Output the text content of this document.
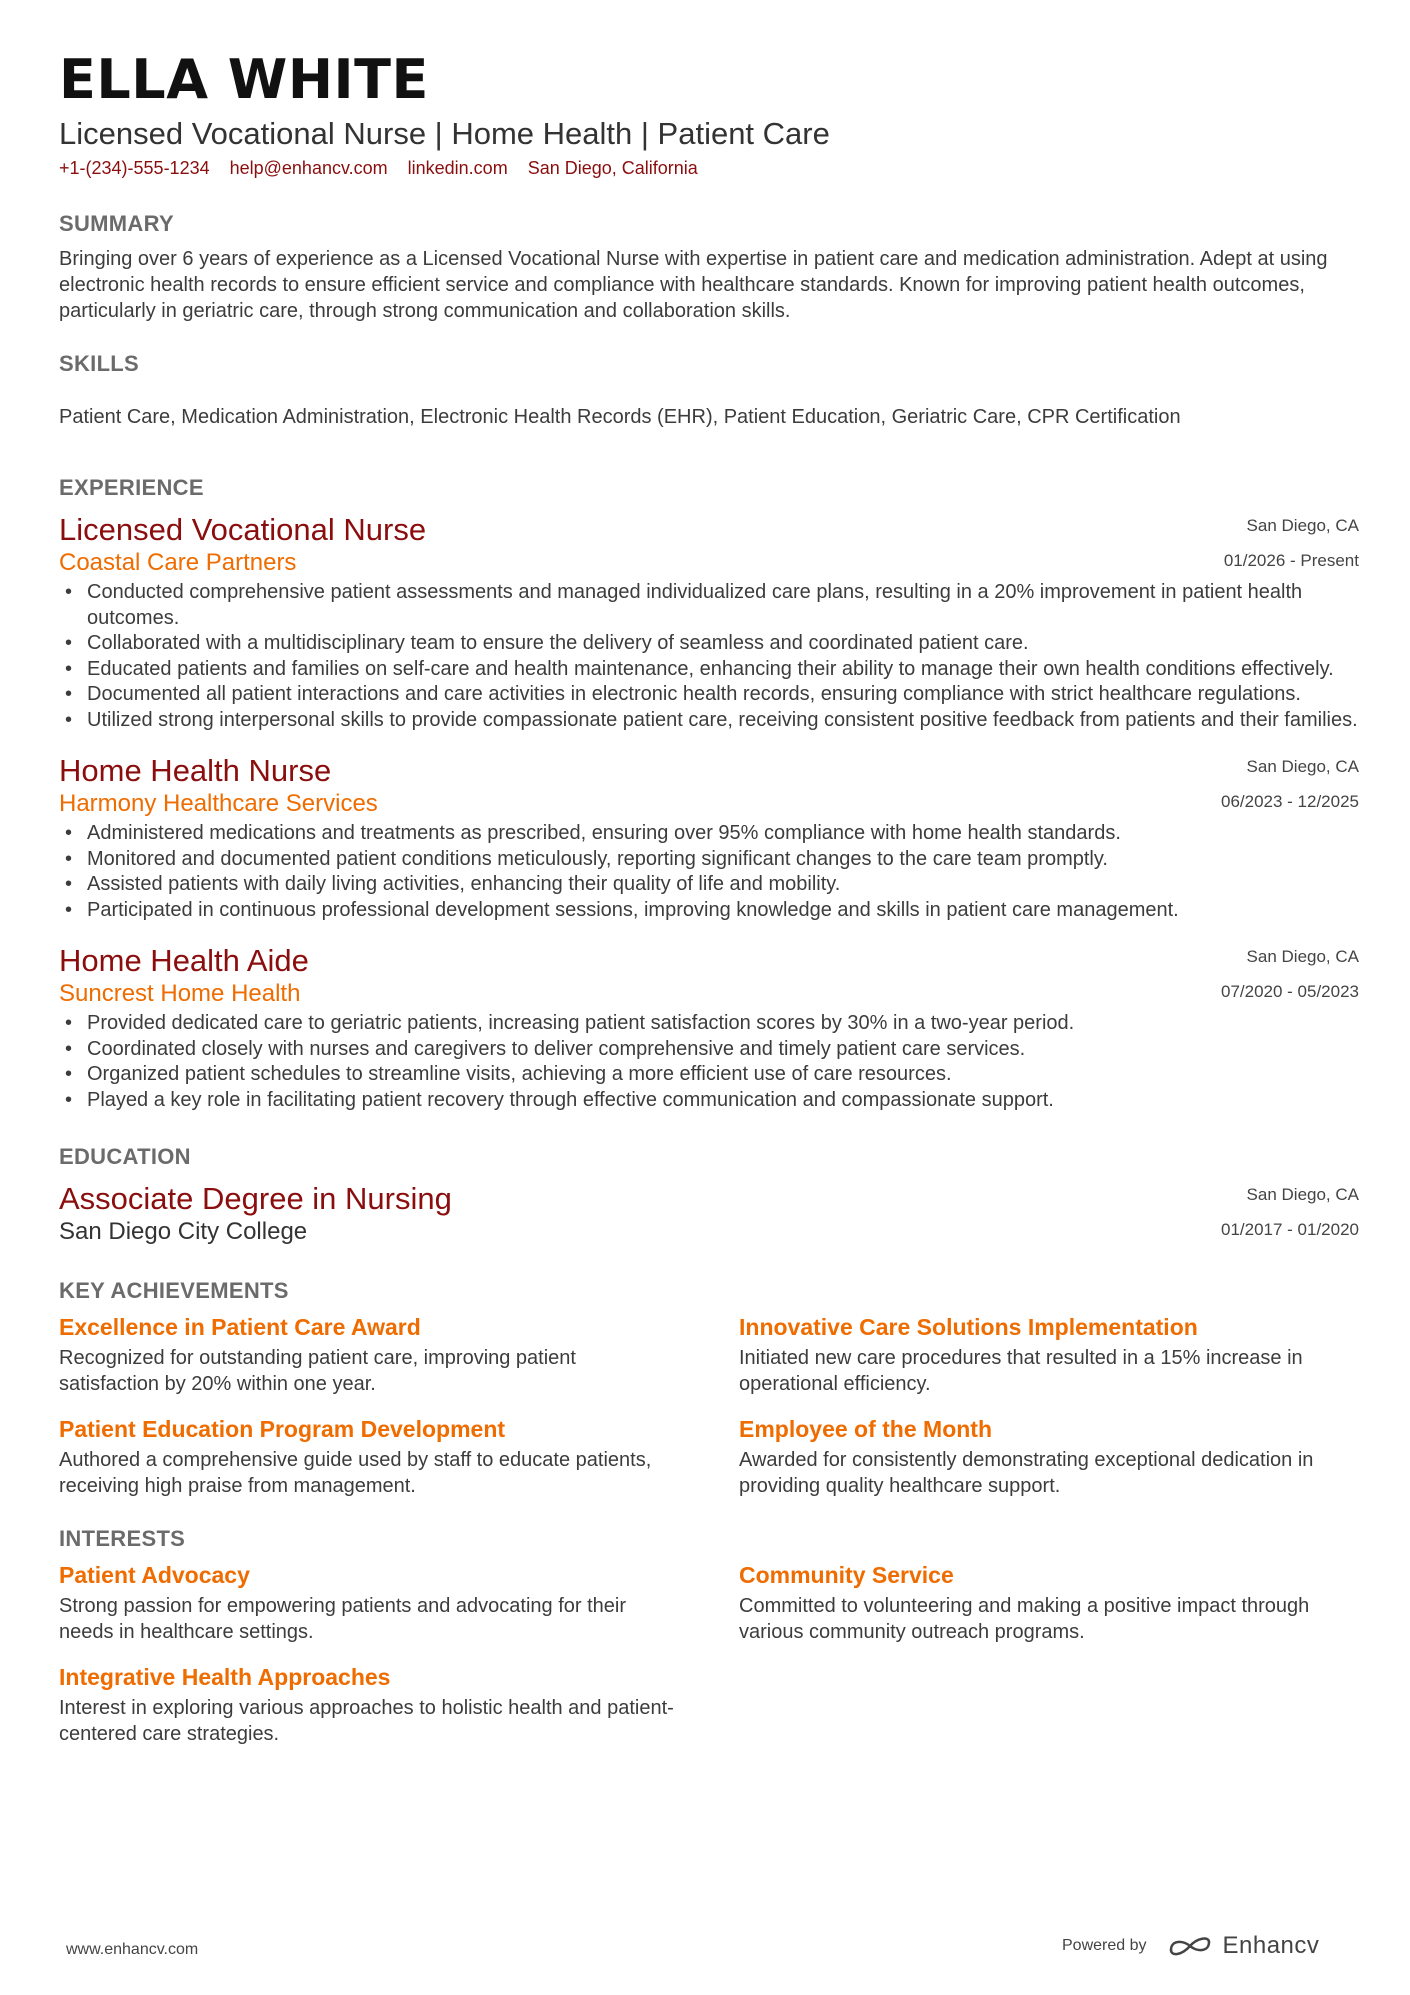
ELLA WHITE
Licensed Vocational Nurse | Home Health | Patient Care
+1-(234)-555-1234 help@enhancv.com linkedin.com San Diego, California
SUMMARY

Bringing over 6 years of experience as a Licensed Vocational Nurse with expertise in patient care and medication administration. Adept at using electronic health records to ensure efficient service and compliance with healthcare standards. Known for improving patient health outcomes, particularly in geriatric care, through strong communication and collaboration skills.

SKILLS

Patient Care, Medication Administration, Electronic Health Records (EHR), Patient Education, Geriatric Care, CPR Certification

EXPERIENCE
Licensed Vocational Nurse
Coastal Care Partners
San Diego, CA
01/2026 - Present
• Conducted comprehensive patient assessments and managed individualized care plans, resulting in a 20% improvement in patient health outcomes.
• Collaborated with a multidisciplinary team to ensure the delivery of seamless and coordinated patient care.
• Educated patients and families on self-care and health maintenance, enhancing their ability to manage their own health conditions effectively.
• Documented all patient interactions and care activities in electronic health records, ensuring compliance with strict healthcare regulations.
• Utilized strong interpersonal skills to provide compassionate patient care, receiving consistent positive feedback from patients and their families.
Home Health Nurse
Harmony Healthcare Services
San Diego, CA
06/2023 - 12/2025
• Administered medications and treatments as prescribed, ensuring over 95% compliance with home health standards.
• Monitored and documented patient conditions meticulously, reporting significant changes to the care team promptly.
• Assisted patients with daily living activities, enhancing their quality of life and mobility.
• Participated in continuous professional development sessions, improving knowledge and skills in patient care management.
Home Health Aide
Suncrest Home Health
San Diego, CA
07/2020 - 05/2023
• Provided dedicated care to geriatric patients, increasing patient satisfaction scores by 30% in a two-year period.
• Coordinated closely with nurses and caregivers to deliver comprehensive and timely patient care services.
• Organized patient schedules to streamline visits, achieving a more efficient use of care resources.
• Played a key role in facilitating patient recovery through effective communication and compassionate support.
EDUCATION
Associate Degree in Nursing
San Diego City College
San Diego, CA
01/2017 - 01/2020
KEY ACHIEVEMENTS
Excellence in Patient Care Award
Recognized for outstanding patient care, improving patient satisfaction by 20% within one year.
Patient Education Program Development
Authored a comprehensive guide used by staff to educate patients, receiving high praise from management.
Innovative Care Solutions Implementation
Initiated new care procedures that resulted in a 15% increase in operational efficiency.
Employee of the Month
Awarded for consistently demonstrating exceptional dedication in providing quality healthcare support.
INTERESTS
Patient Advocacy
Strong passion for empowering patients and advocating for their needs in healthcare settings.
Integrative Health Approaches
Interest in exploring various approaches to holistic health and patient-centered care strategies.
Community Service
Committed to volunteering and making a positive impact through various community outreach programs.
www.enhancv.com	Powered by	Enhancv
